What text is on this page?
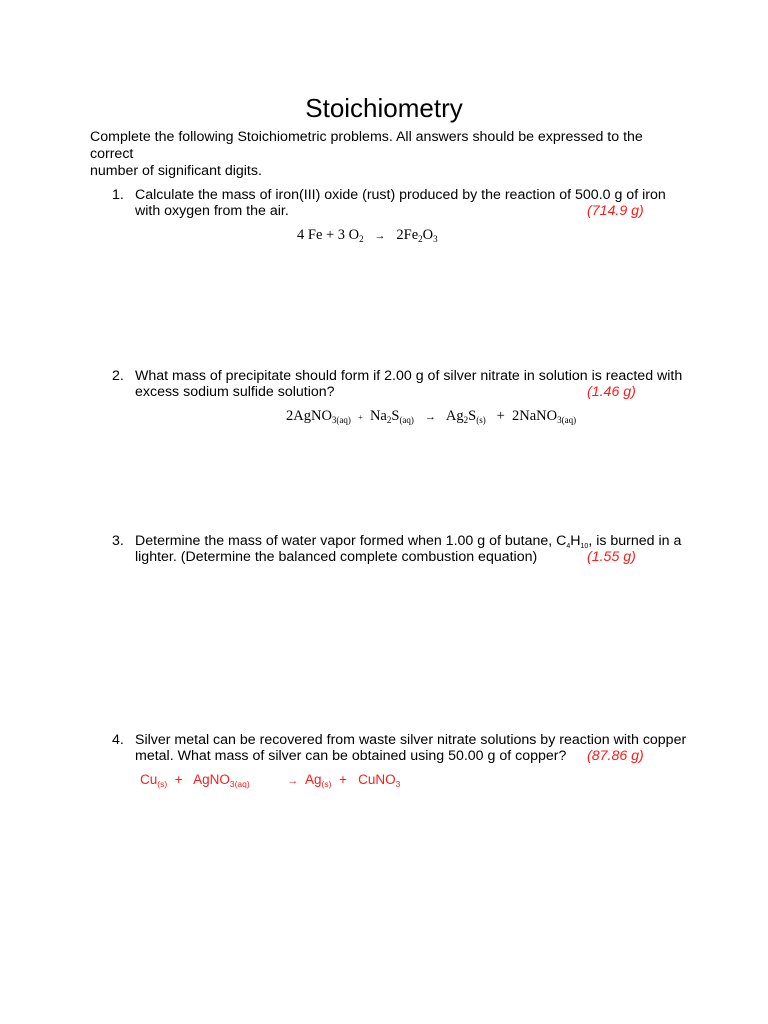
Stoichiometry
Complete the following Stoichiometric problems. All answers should be expressed to the correct
number of significant digits.
1. Calculate the mass of iron(III) oxide (rust) produced by the reaction of 500.0 g of iron
with oxygen from the air.	(714.9 g)
4 Fe + 3 $O_2 \to 2Fe_2O_3$
2. What mass of precipitate should form if 2.00 g of silver nitrate in solution is reacted with
excess sodium sulfide solution?	(1.46 g)
2AgNO$_{3(aq)}$ + $Na_2S_{(aq)} \to Ag_2S_{(s)}$ + 2NaNO$_{3(aq)}$
3. Determine the mass of water vapor formed when 1.00 g of butane, $C_4H_{10}$, is burned in a
lighter. (Determine the balanced complete combustion equation)	(1.55 g)
4. Silver metal can be recovered from waste silver nitrate solutions by reaction with copper
metal. What mass of silver can be obtained using 50.00 g of copper? (87.86 g)
$Cu_{(s)}$ + AgNO$_{3(aq)}$	→ $Ag_{(s)}$ + CuNO$_3$
